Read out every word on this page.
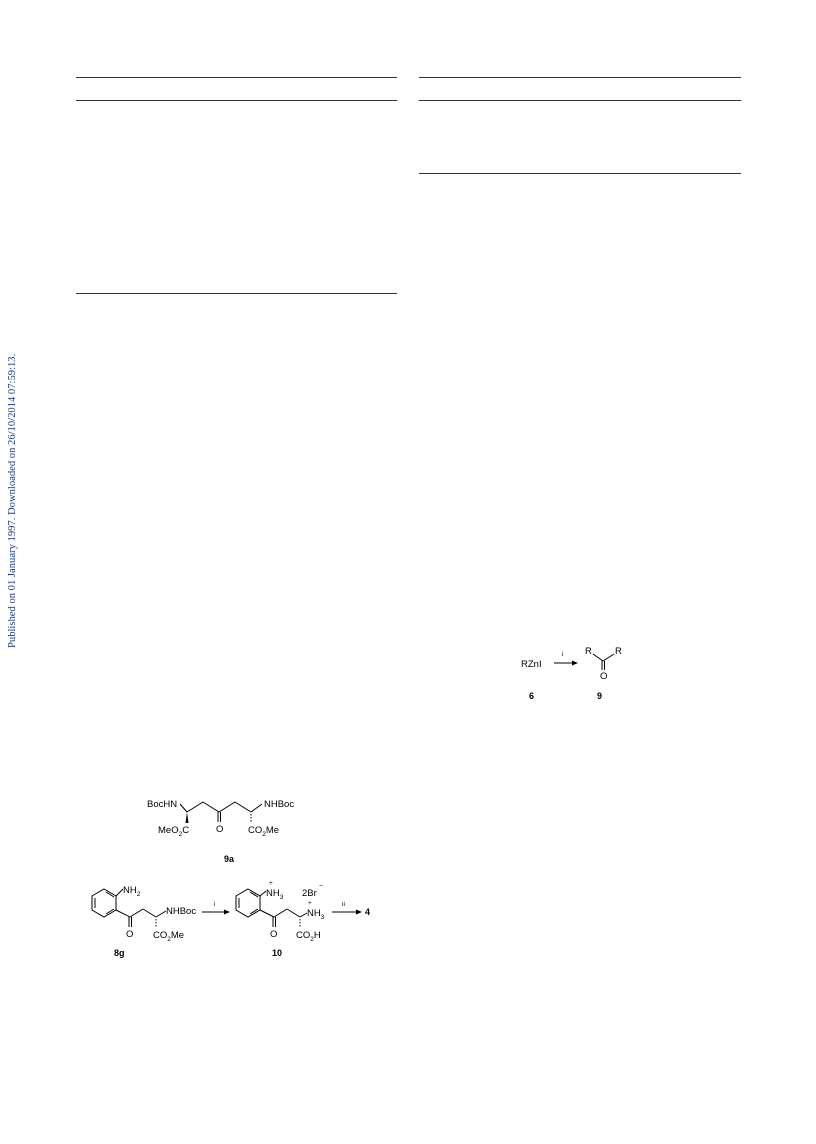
Published on 01 January 1997. Downloaded on 26/10/2014 07:59:13.
RZnI
i R R
O
6	9
BocHN	NHBoc
O
MeO$_2$C	$CO_2Me$
9a
$NH_2$
O
NHBoc
$CO_2Me$
8g
i
+
$NH_3$ 2Br
−
O
+
$NH_3$
$CO_2H$
10
ii
4
